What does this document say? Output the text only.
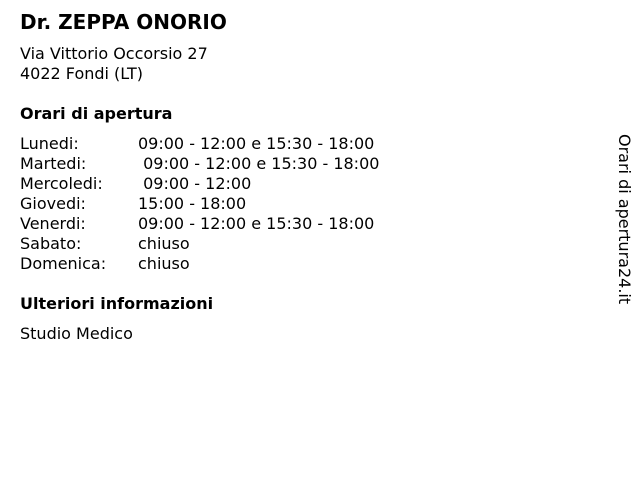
Dr. ZEPPA ONORIO
Via Vittorio Occorsio 27
4022 Fondi (LT)
Orari di apertura
Lunedi:	09:00 - 12:00 e 15:30 - 18:00
Martedi:	09:00 - 12:00 e 15:30 - 18:00
Mercoledi:	09:00 - 12:00
Giovedi:	15:00 - 18:00
Venerdi:	09:00 - 12:00 e 15:30 - 18:00
Sabato:	chiuso
Domenica:	chiuso
Ulteriori informazioni
Studio Medico
Orari di apertura24.it
